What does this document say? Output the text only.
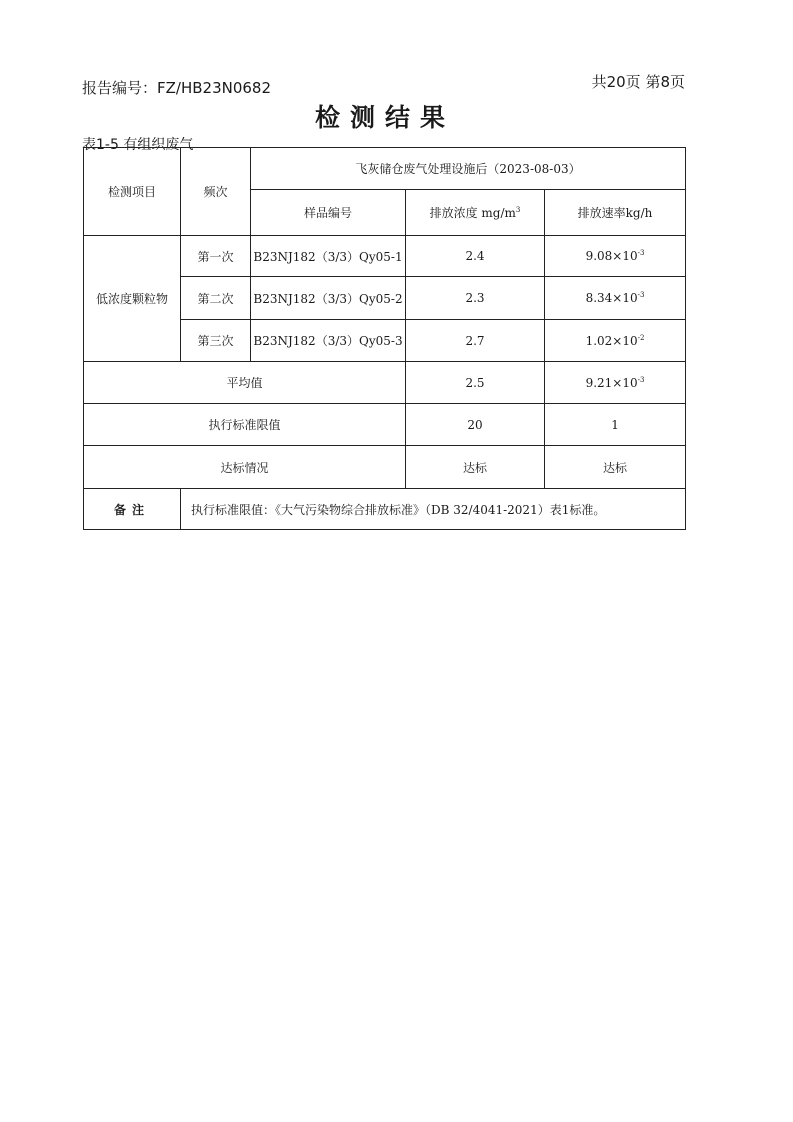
报告编号：FZ/HB23N0682	共20页 第8页
检测结果
表1-5 有组织废气
检测项目	频次	飞灰储仓废气处理设施后（2023-08-03）		
		样品编号	排放浓度 $mg/m^3$	排放速率kg/h
低浓度颗粒物	第一次	B23NJ182（3/3）Qy05-1	2.4	$9.08\times 10^{-3}$
	第二次	B23NJ182（3/3）Qy05-2	2.3	$8.34\times 10^{-3}$
	第三次	B23NJ182（3/3）Qy05-3	2.7	$1.02\times 10^{-2}$
平均值			2.5	$9.21\times 10^{-3}$
执行标准限值			20	1
达标情况			达标	达标
备注	执行标准限值：《大气污染物综合排放标准》（DB 32/4041-2021）表1标准。			
